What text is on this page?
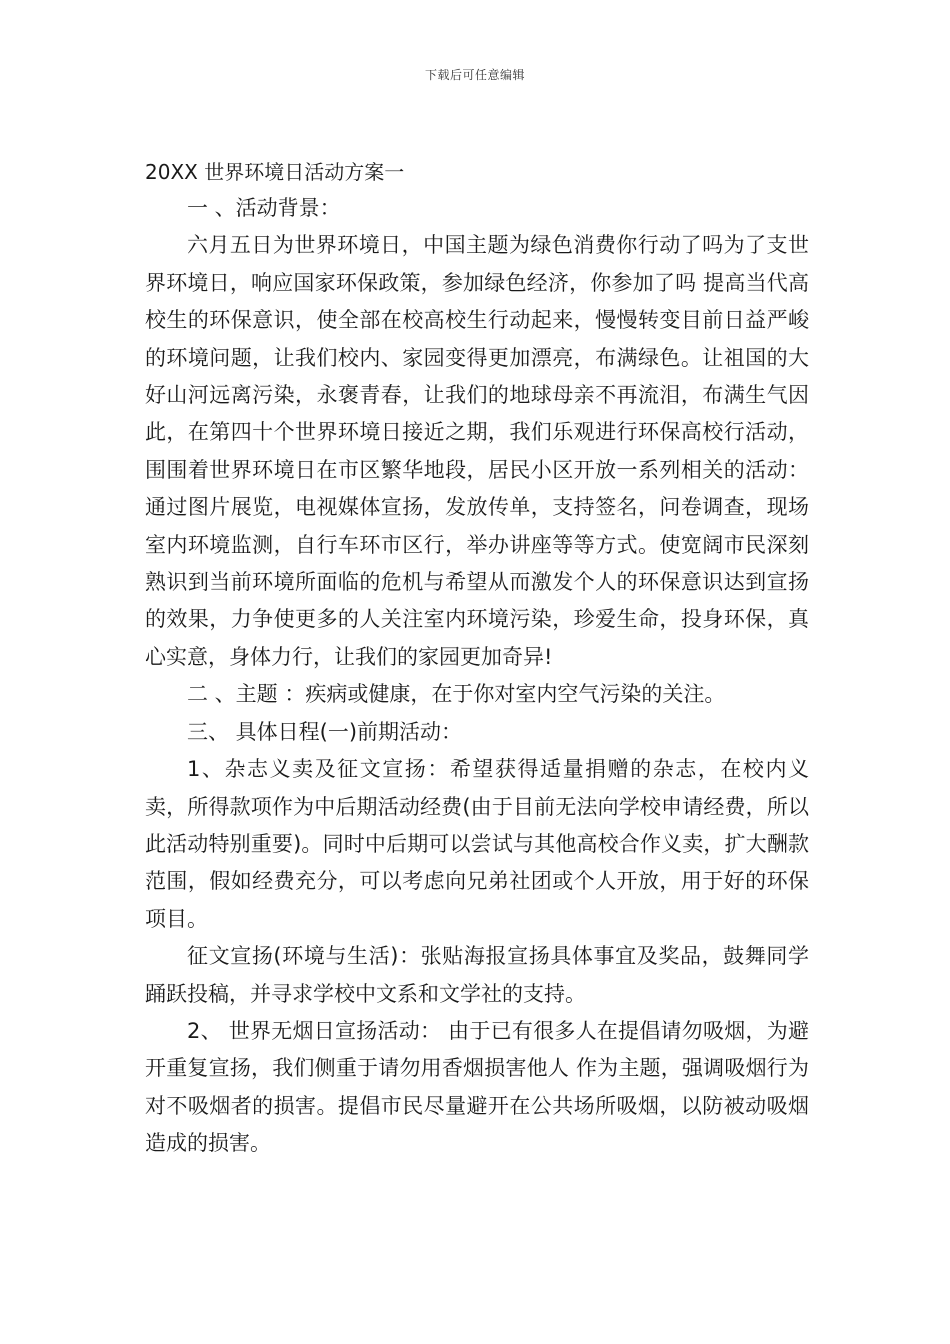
下载后可任意编辑
20XX 世界环境日活动方案一

一 、活动背景：

六月五日为世界环境日，中国主题为绿色消费你行动了吗为了支世界环境日，响应国家环保政策，参加绿色经济，你参加了吗 提高当代高校生的环保意识，使全部在校高校生行动起来，慢慢转变目前日益严峻的环境问题，让我们校内、家园变得更加漂亮，布满绿色。让祖国的大好山河远离污染，永褒青春，让我们的地球母亲不再流泪，布满生气因此，在第四十个世界环境日接近之期，我们乐观进行环保高校行活动，围围着世界环境日在市区繁华地段，居民小区开放一系列相关的活动：通过图片展览，电视媒体宣扬，发放传单，支持签名，问卷调查，现场室内环境监测，自行车环市区行，举办讲座等等方式。使宽阔市民深刻熟识到当前环境所面临的危机与希望从而激发个人的环保意识达到宣扬的效果，力争使更多的人关注室内环境污染，珍爱生命，投身环保，真心实意，身体力行，让我们的家园更加奇异!

二 、主题 ：疾病或健康，在于你对室内空气污染的关注。

三、 具体日程(一)前期活动：

1、杂志义卖及征文宣扬：希望获得适量捐赠的杂志，在校内义卖，所得款项作为中后期活动经费(由于目前无法向学校申请经费，所以此活动特别重要)。同时中后期可以尝试与其他高校合作义卖，扩大酬款范围，假如经费充分，可以考虑向兄弟社团或个人开放，用于好的环保项目。

征文宣扬(环境与生活)：张贴海报宣扬具体事宜及奖品，鼓舞同学踊跃投稿，并寻求学校中文系和文学社的支持。

2、 世界无烟日宣扬活动： 由于已有很多人在提倡请勿吸烟，为避开重复宣扬，我们侧重于请勿用香烟损害他人 作为主题，强调吸烟行为对不吸烟者的损害。提倡市民尽量避开在公共场所吸烟，以防被动吸烟造成的损害。
